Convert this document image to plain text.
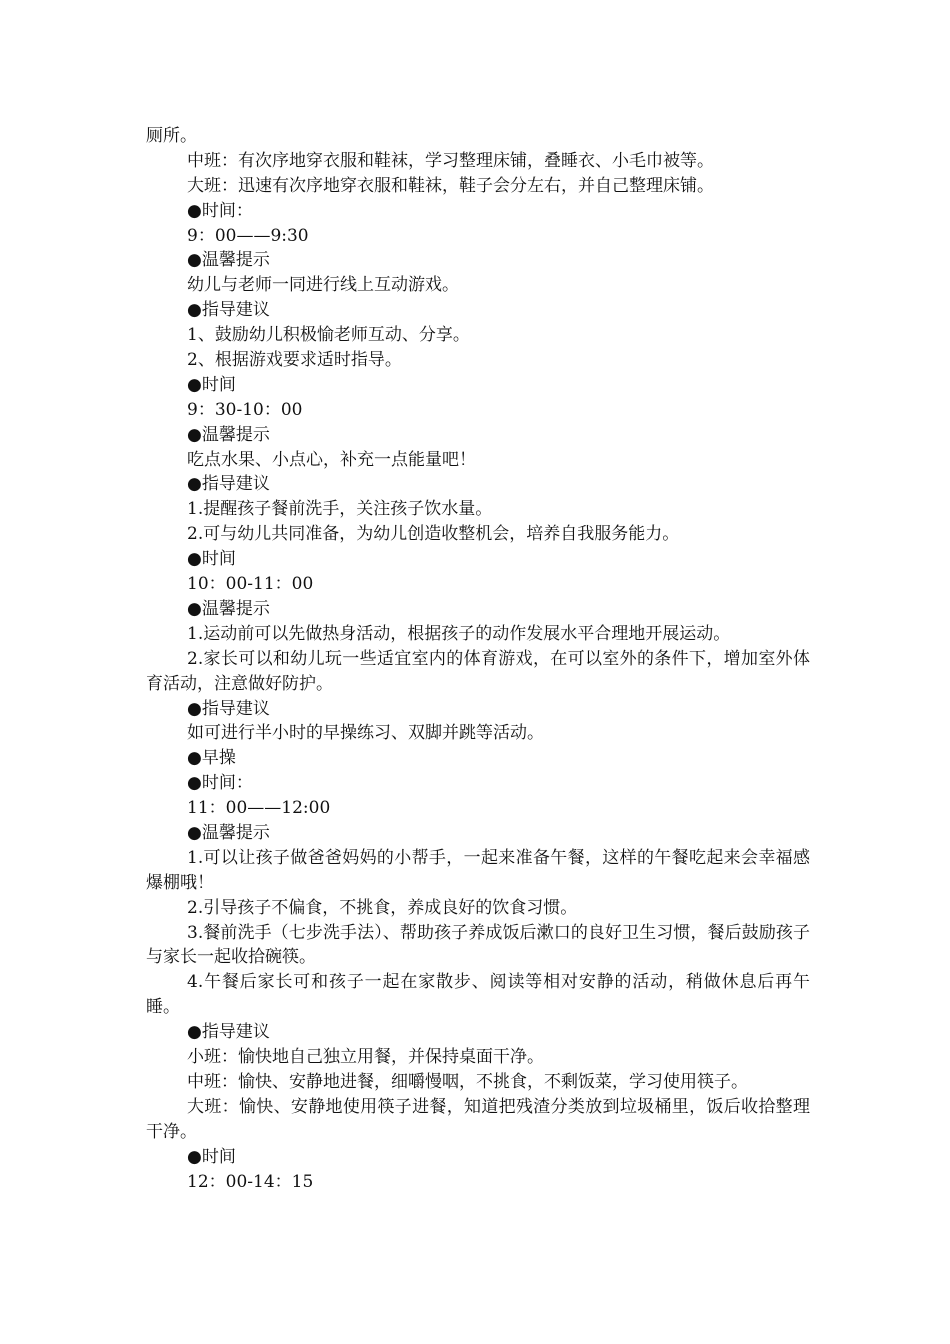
厕所。
中班：有次序地穿衣服和鞋袜，学习整理床铺，叠睡衣、小毛巾被等。
大班：迅速有次序地穿衣服和鞋袜，鞋子会分左右，并自己整理床铺。
●时间：
9：00——9:30
●温馨提示
幼儿与老师一同进行线上互动游戏。
●指导建议
1、鼓励幼儿积极愉老师互动、分享。
2、根据游戏要求适时指导。
●时间
9：30-10：00
●温馨提示
吃点水果、小点心，补充一点能量吧！
●指导建议
1.提醒孩子餐前洗手，关注孩子饮水量。
2.可与幼儿共同准备，为幼儿创造收整机会，培养自我服务能力。
●时间
10：00-11：00
●温馨提示
1.运动前可以先做热身活动，根据孩子的动作发展水平合理地开展运动。
2.家长可以和幼儿玩一些适宜室内的体育游戏，在可以室外的条件下，增加室外体育活动，注意做好防护。
●指导建议
如可进行半小时的早操练习、双脚并跳等活动。
●早操
●时间：
11：00——12:00
●温馨提示
1.可以让孩子做爸爸妈妈的小帮手，一起来准备午餐，这样的午餐吃起来会幸福感爆棚哦！
2.引导孩子不偏食，不挑食，养成良好的饮食习惯。
3.餐前洗手（七步洗手法）、帮助孩子养成饭后漱口的良好卫生习惯，餐后鼓励孩子与家长一起收拾碗筷。
4.午餐后家长可和孩子一起在家散步、阅读等相对安静的活动，稍做休息后再午睡。
●指导建议
小班：愉快地自己独立用餐，并保持桌面干净。
中班：愉快、安静地进餐，细嚼慢咽，不挑食，不剩饭菜，学习使用筷子。
大班：愉快、安静地使用筷子进餐，知道把残渣分类放到垃圾桶里，饭后收拾整理干净。
●时间
12：00-14：15
